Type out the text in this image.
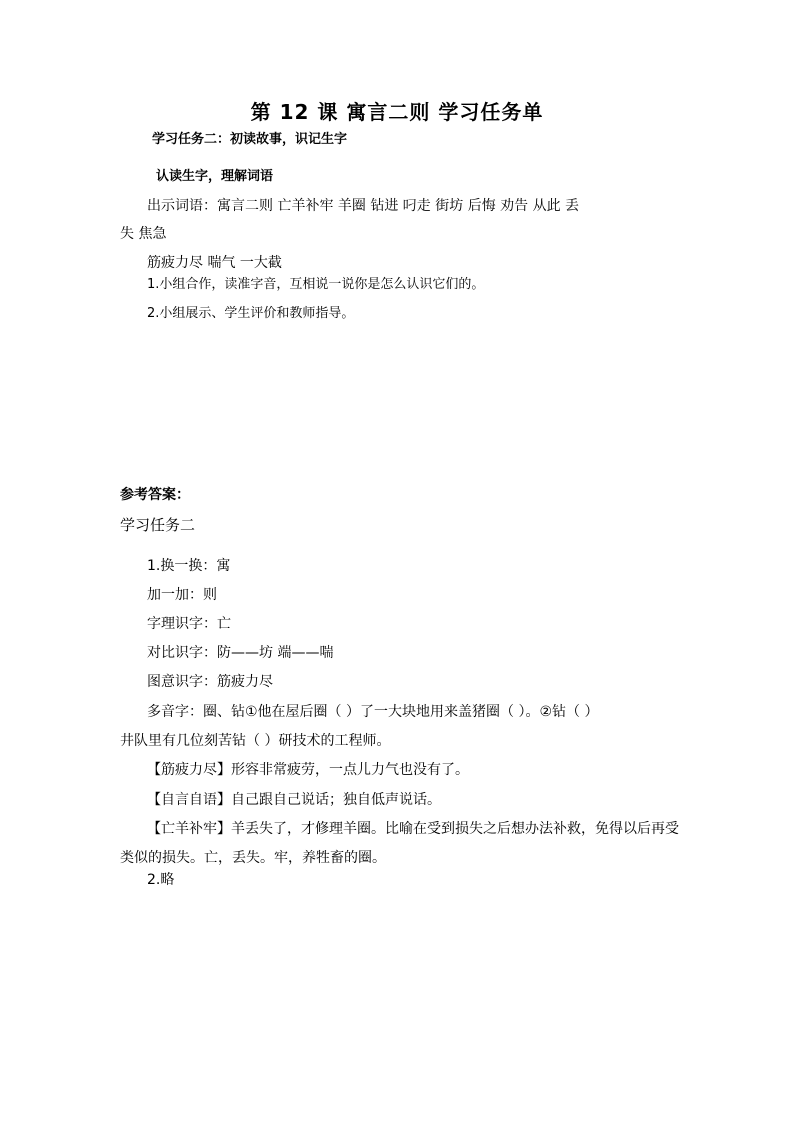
第 12 课 寓言二则 学习任务单
学习任务二：初读故事，识记生字
认读生字，理解词语
出示词语：寓言二则 亡羊补牢 羊圈 钻进 叼走 街坊 后悔 劝告 从此 丢
失 焦急
筋疲力尽 喘气 一大截
1.小组合作，读准字音，互相说一说你是怎么认识它们的。
2.小组展示、学生评价和教师指导。
参考答案：
学习任务二
1.换一换：寓
加一加：则
字理识字：亡
对比识字：防——坊 端——喘
图意识字：筋疲力尽
多音字：圈、钻①他在屋后圈（ ）了一大块地用来盖猪圈（ ）。②钻（ ）
井队里有几位刻苦钻（ ）研技术的工程师。
【筋疲力尽】形容非常疲劳，一点儿力气也没有了。
【自言自语】自己跟自己说话；独自低声说话。
【亡羊补牢】羊丢失了，才修理羊圈。比喻在受到损失之后想办法补救，免得以后再受
类似的损失。亡，丢失。牢，养牲畜的圈。
2.略
